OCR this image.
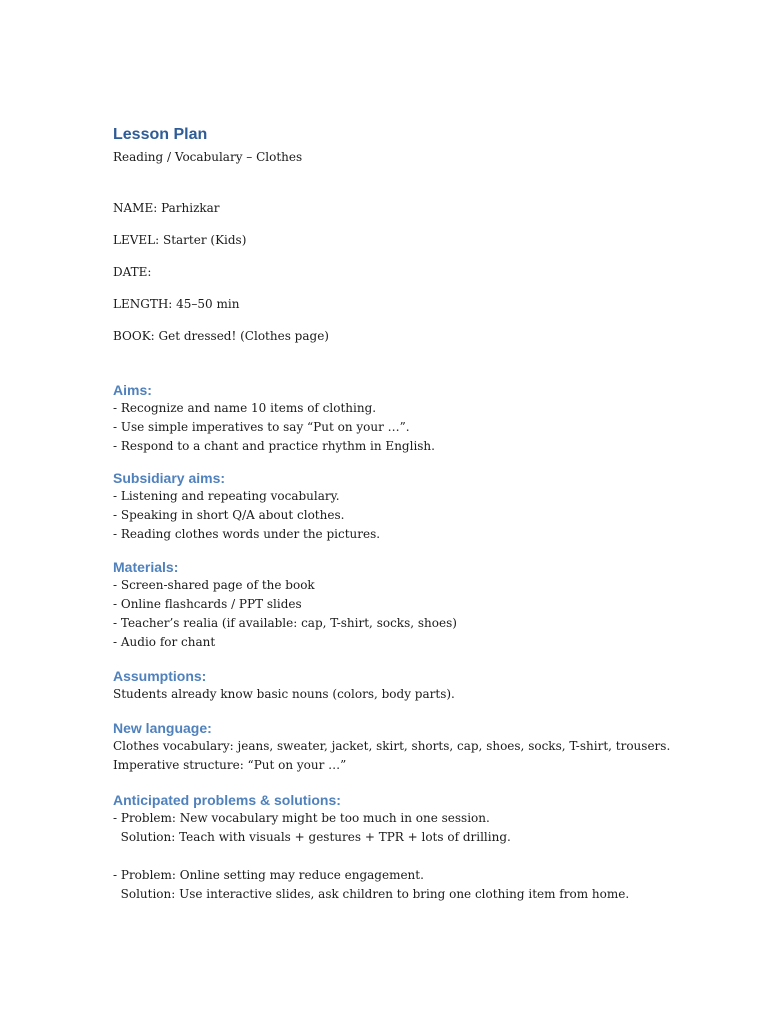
Lesson Plan

Reading / Vocabulary – Clothes

NAME: Parhizkar

LEVEL: Starter (Kids)

DATE:

LENGTH: 45–50 min

BOOK: Get dressed! (Clothes page)

Aims:

- Recognize and name 10 items of clothing.

- Use simple imperatives to say “Put on your …”.

- Respond to a chant and practice rhythm in English.

Subsidiary aims:

- Listening and repeating vocabulary.

- Speaking in short Q/A about clothes.

- Reading clothes words under the pictures.

Materials:

- Screen-shared page of the book

- Online flashcards / PPT slides

- Teacher’s realia (if available: cap, T-shirt, socks, shoes)

- Audio for chant

Assumptions:

Students already know basic nouns (colors, body parts).

New language:

Clothes vocabulary: jeans, sweater, jacket, skirt, shorts, cap, shoes, socks, T-shirt, trousers.

Imperative structure: “Put on your …”

Anticipated problems & solutions:

- Problem: New vocabulary might be too much in one session.

Solution: Teach with visuals + gestures + TPR + lots of drilling.

- Problem: Online setting may reduce engagement.

Solution: Use interactive slides, ask children to bring one clothing item from home.
